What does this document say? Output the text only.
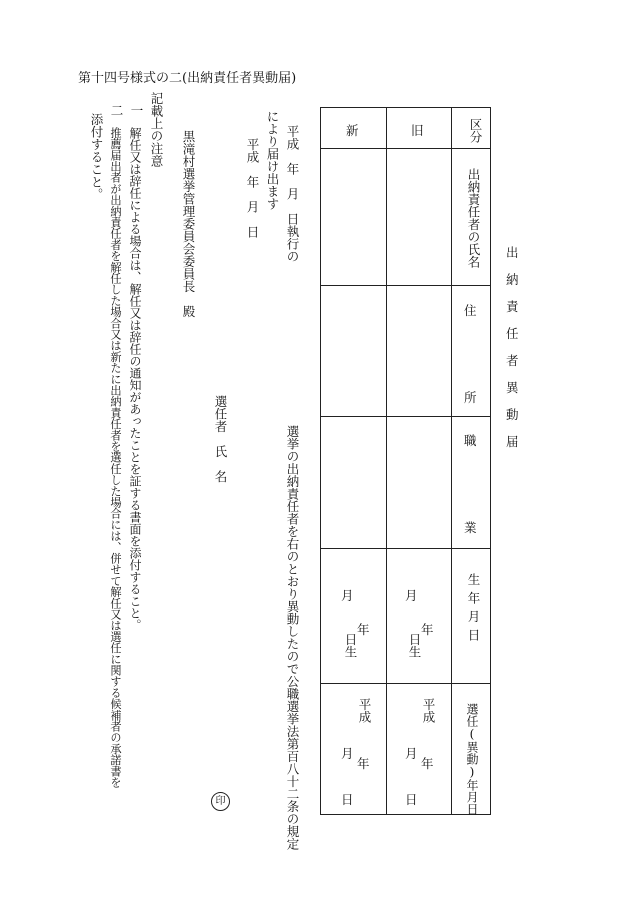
第十四号様式の二(出納責任者異動届)
出
納
責
任
者
異
動
届
区分
旧
新
出納責任者の氏名
住
所
職
業
生年月日
月
年
日生
月
年
日生
選任(異動)年月日
平成
月
年
日
平成
月
年
日
平成　年　月　日執行の
選挙の出納責任者を右のとおり異動したので公職選挙法第百八十二条の規定
により届け出ます
平成　年　月　日
選任者　氏　名
印
黒滝村選挙管理委員会委員長　殿
記載上の注意
一
解任又は辞任による場合は、解任又は辞任の通知があったことを証する書面を添付すること。
二
推薦届出者が出納責任者を解任した場合又は新たに出納責任者を選任した場合には、併せて解任又は選任に関する候補者の承諾書を
添付すること。
